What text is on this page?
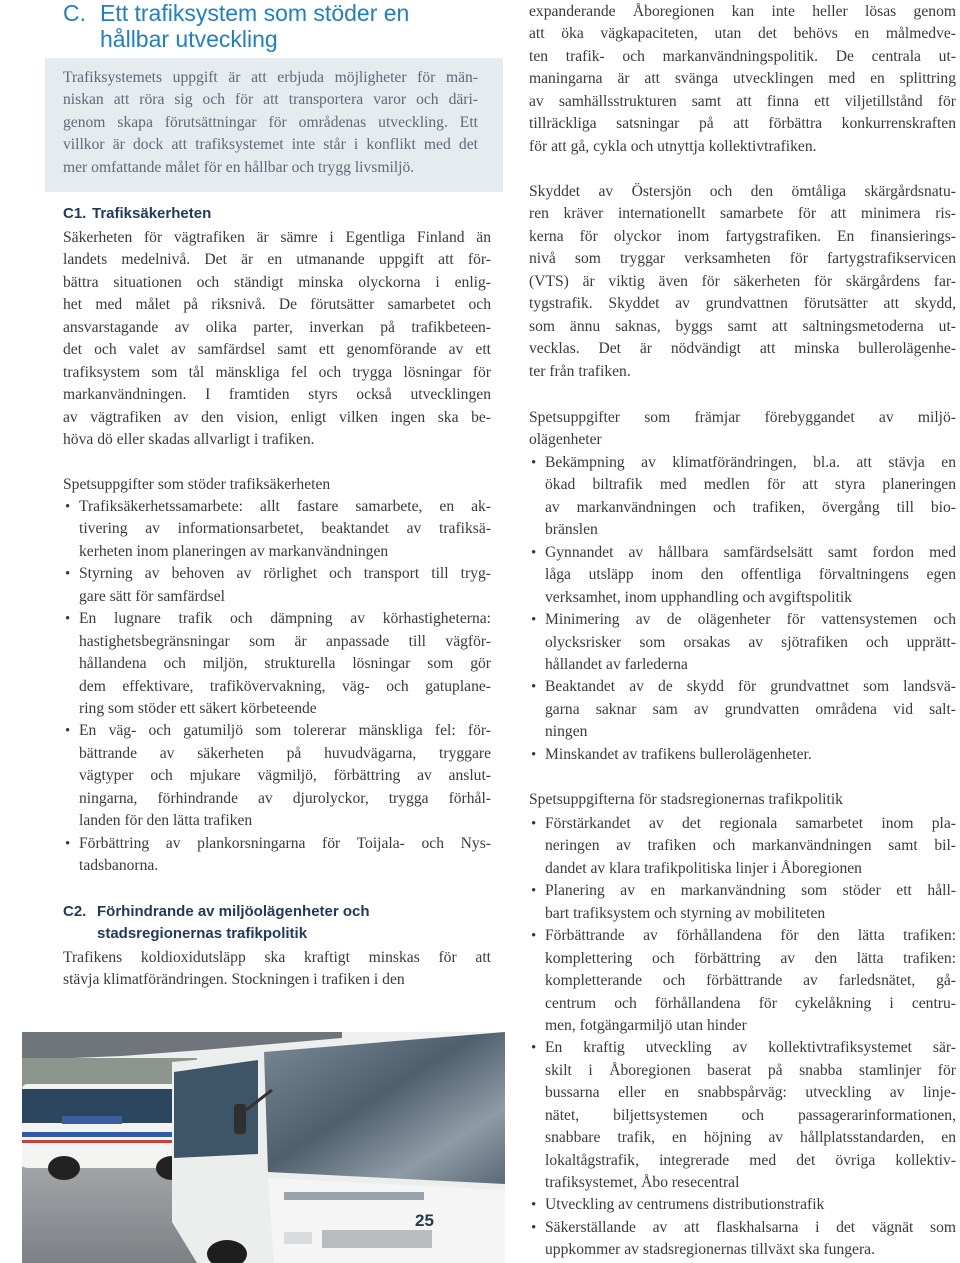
C. Ett trafiksystem som stöder en
hållbar utveckling
Trafiksystemets uppgift är att erbjuda möjligheter för män-
niskan att röra sig och för att transportera varor och däri-
genom skapa förutsättningar för områdenas utveckling. Ett
villkor är dock att trafiksystemet inte står i konflikt med det
mer omfattande målet för en hållbar och trygg livsmiljö.
C1. Trafiksäkerheten
Säkerheten för vägtrafiken är sämre i Egentliga Finland än
landets medelnivå. Det är en utmanande uppgift att för-
bättra situationen och ständigt minska olyckorna i enlig-
het med målet på riksnivå. De förutsätter samarbetet och
ansvarstagande av olika parter, inverkan på trafikbeteen-
det och valet av samfärdsel samt ett genomförande av ett
trafiksystem som tål mänskliga fel och trygga lösningar för
markanvändningen. I framtiden styrs också utvecklingen
av vägtrafiken av den vision, enligt vilken ingen ska be-
höva dö eller skadas allvarligt i trafiken.
Spetsuppgifter som stöder trafiksäkerheten
•
Trafiksäkerhetssamarbete: allt fastare samarbete, en ak-
tivering av informationsarbetet, beaktandet av trafiksä-
kerheten inom planeringen av markanvändningen
•
Styrning av behoven av rörlighet och transport till tryg-
gare sätt för samfärdsel
•
En lugnare trafik och dämpning av körhastigheterna:
hastighetsbegränsningar som är anpassade till vägför-
hållandena och miljön, strukturella lösningar som gör
dem effektivare, trafikövervakning, väg- och gatuplane-
ring som stöder ett säkert körbeteende
•
En väg- och gatumiljö som tolererar mänskliga fel: för-
bättrande av säkerheten på huvudvägarna, tryggare
vägtyper och mjukare vägmiljö, förbättring av anslut-
ningarna, förhindrande av djurolyckor, trygga förhål-
landen för den lätta trafiken
•
Förbättring av plankorsningarna för Toijala- och Nys-
tadsbanorna.
C2. Förhindrande av miljöolägenheter och
stadsregionernas trafikpolitik
Trafikens koldioxidutsläpp ska kraftigt minskas för att
stävja klimatförändringen. Stockningen i trafiken i den
25
expanderande Åboregionen kan inte heller lösas genom
att öka vägkapaciteten, utan det behövs en målmedve-
ten trafik- och markanvändningspolitik. De centrala ut-
maningarna är att svänga utvecklingen med en splittring
av samhällsstrukturen samt att finna ett viljetillstånd för
tillräckliga satsningar på att förbättra konkurrenskraften
för att gå, cykla och utnyttja kollektivtrafiken.
Skyddet av Östersjön och den ömtåliga skärgårdsnatu-
ren kräver internationellt samarbete för att minimera ris-
kerna för olyckor inom fartygstrafiken. En finansierings-
nivå som tryggar verksamheten för fartygstrafikservicen
(VTS) är viktig även för säkerheten för skärgårdens far-
tygstrafik. Skyddet av grundvattnen förutsätter att skydd,
som ännu saknas, byggs samt att saltningsmetoderna ut-
vecklas. Det är nödvändigt att minska bullerolägenhe-
ter från trafiken.
Spetsuppgifter som främjar förebyggandet av miljö-
olägenheter
•
Bekämpning av klimatförändringen, bl.a. att stävja en
ökad biltrafik med medlen för att styra planeringen
av markanvändningen och trafiken, övergång till bio-
bränslen
•
Gynnandet av hållbara samfärdselsätt samt fordon med
låga utsläpp inom den offentliga förvaltningens egen
verksamhet, inom upphandling och avgiftspolitik
•
Minimering av de olägenheter för vattensystemen och
olycksrisker som orsakas av sjötrafiken och upprätt-
hållandet av farlederna
•
Beaktandet av de skydd för grundvattnet som landsvä-
garna saknar sam av grundvatten områdena vid salt-
ningen
•
Minskandet av trafikens bullerolägenheter.
Spetsuppgifterna för stadsregionernas trafikpolitik
•
Förstärkandet av det regionala samarbetet inom pla-
neringen av trafiken och markanvändningen samt bil-
dandet av klara trafikpolitiska linjer i Åboregionen
•
Planering av en markanvändning som stöder ett håll-
bart trafiksystem och styrning av mobiliteten
•
Förbättrande av förhållandena för den lätta trafiken:
komplettering och förbättring av den lätta trafiken:
kompletterande och förbättrande av farledsnätet, gå-
centrum och förhållandena för cykelåkning i centru-
men, fotgängarmiljö utan hinder
•
En kraftig utveckling av kollektivtrafiksystemet sär-
skilt i Åboregionen baserat på snabba stamlinjer för
bussarna eller en snabbspårväg: utveckling av linje-
nätet, biljettsystemen och passagerarinformationen,
snabbare trafik, en höjning av hållplatsstandarden, en
lokaltågstrafik, integrerade med det övriga kollektiv-
trafiksystemet, Åbo resecentral
•
Utveckling av centrumens distributionstrafik
•
Säkerställande av att flaskhalsarna i det vägnät som
uppkommer av stadsregionernas tillväxt ska fungera.
